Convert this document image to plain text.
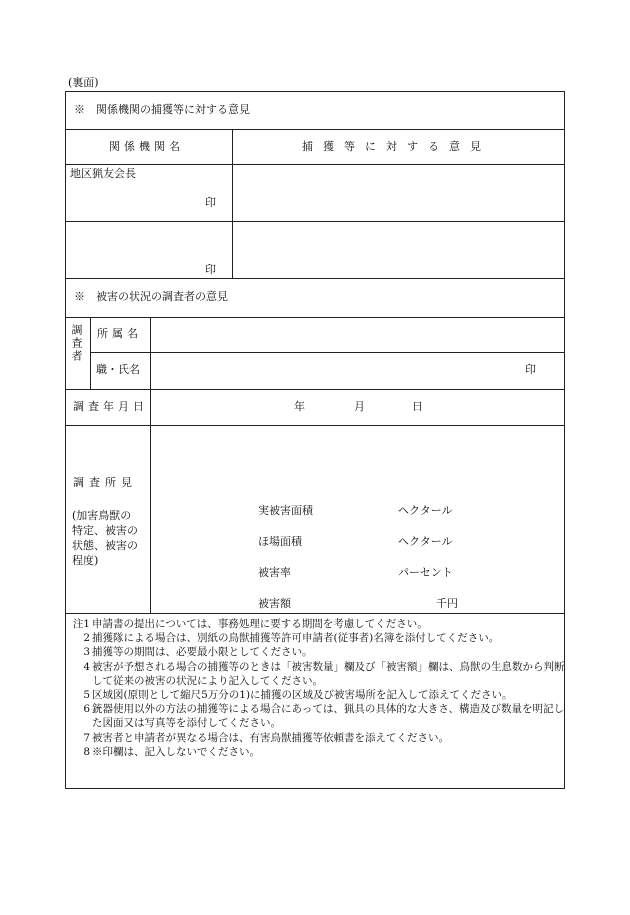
(裏面)
※　関係機関の捕獲等に対する意見
関係機関名	捕獲等に対する意見
地区猟友会長
印
印
※　被害の状況の調査者の意見
調査者 所属名
職・氏名	印
調査年月日	年	月	日
調査所見
(加害鳥獣の
特定、被害の
状態、被害の
程度)
実被害面積	ヘクタール
ほ場面積	ヘクタール
被害率	パーセント
被害額	千円
注1 申請書の提出については、事務処理に要する期間を考慮してください。
2 捕獲隊による場合は、別紙の鳥獣捕獲等許可申請者(従事者)名簿を添付してください。
3 捕獲等の期間は、必要最小限としてください。
4 被害が予想される場合の捕獲等のときは「被害数量」欄及び「被害額」欄は、鳥獣の生息数から判断して従来の被害の状況により記入してください。
5 区域図(原則として縮尺5万分の1)に捕獲の区域及び被害場所を記入して添えてください。
6 銃器使用以外の方法の捕獲等による場合にあっては、猟具の具体的な大きさ、構造及び数量を明記した図面又は写真等を添付してください。
7 被害者と申請者が異なる場合は、有害鳥獣捕獲等依頼書を添えてください。
8 ※印欄は、記入しないでください。
